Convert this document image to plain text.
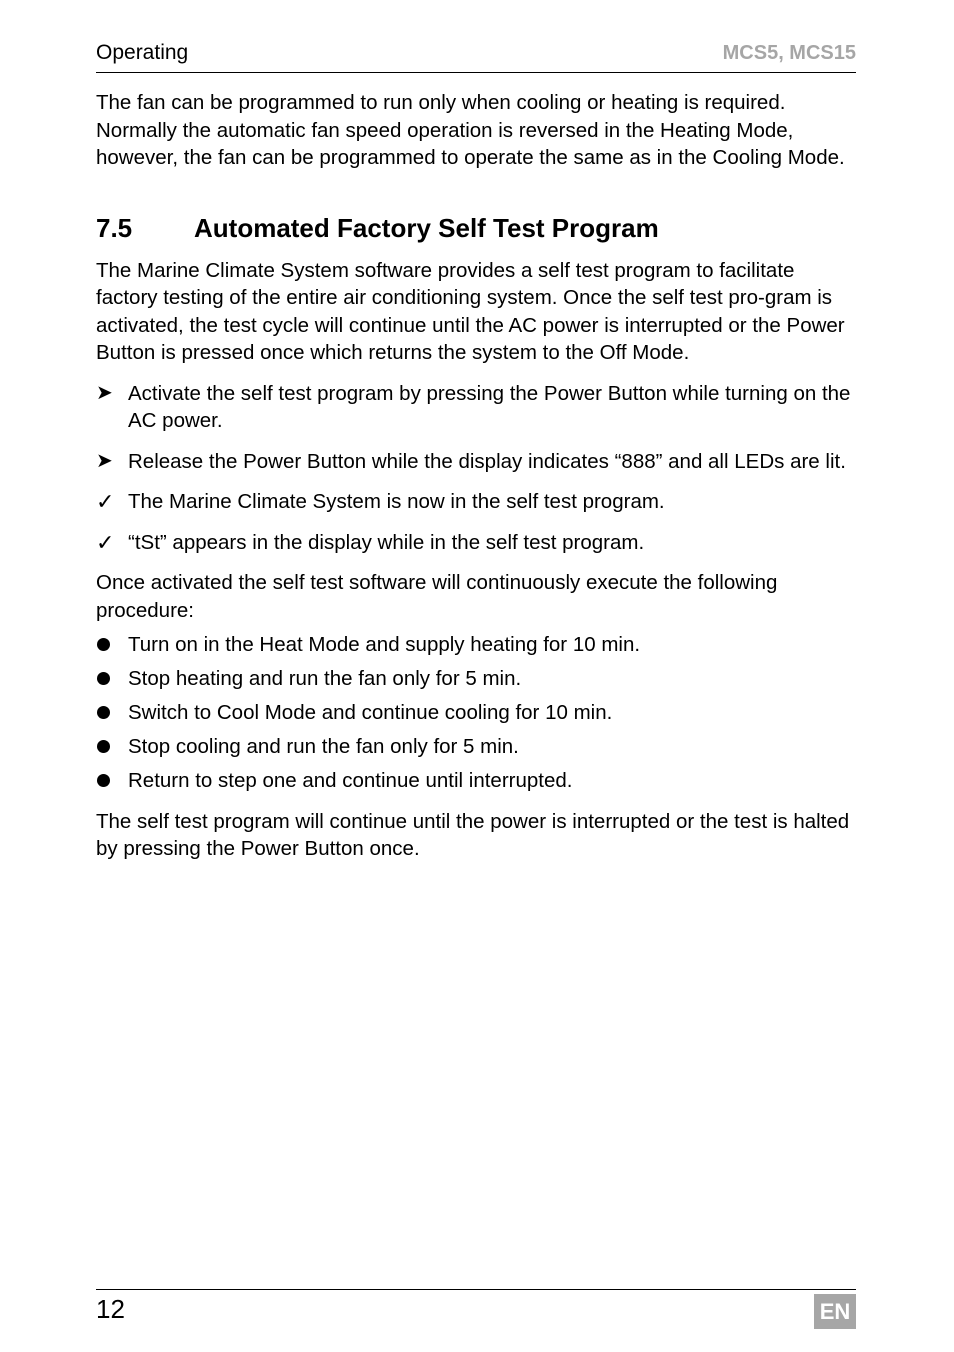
Operating	MCS5, MCS15

The fan can be programmed to run only when cooling or heating is required. Normally the automatic fan speed operation is reversed in the Heating Mode, however, the fan can be programmed to operate the same as in the Cooling Mode.

7.5	Automated Factory Self Test Program

The Marine Climate System software provides a self test program to facilitate factory testing of the entire air conditioning system. Once the self test pro-gram is activated, the test cycle will continue until the AC power is interrupted or the Power Button is pressed once which returns the system to the Off Mode.

➤ Activate the self test program by pressing the Power Button while turning on the AC power.
➤ Release the Power Button while the display indicates “888” and all LEDs are lit.
✓ The Marine Climate System is now in the self test program.
✓ “tSt” appears in the display while in the self test program.

Once activated the self test software will continuously execute the following procedure:

Turn on in the Heat Mode and supply heating for 10 min.
Stop heating and run the fan only for 5 min.
Switch to Cool Mode and continue cooling for 10 min.
Stop cooling and run the fan only for 5 min.
Return to step one and continue until interrupted.

The self test program will continue until the power is interrupted or the test is halted by pressing the Power Button once.

12	EN
